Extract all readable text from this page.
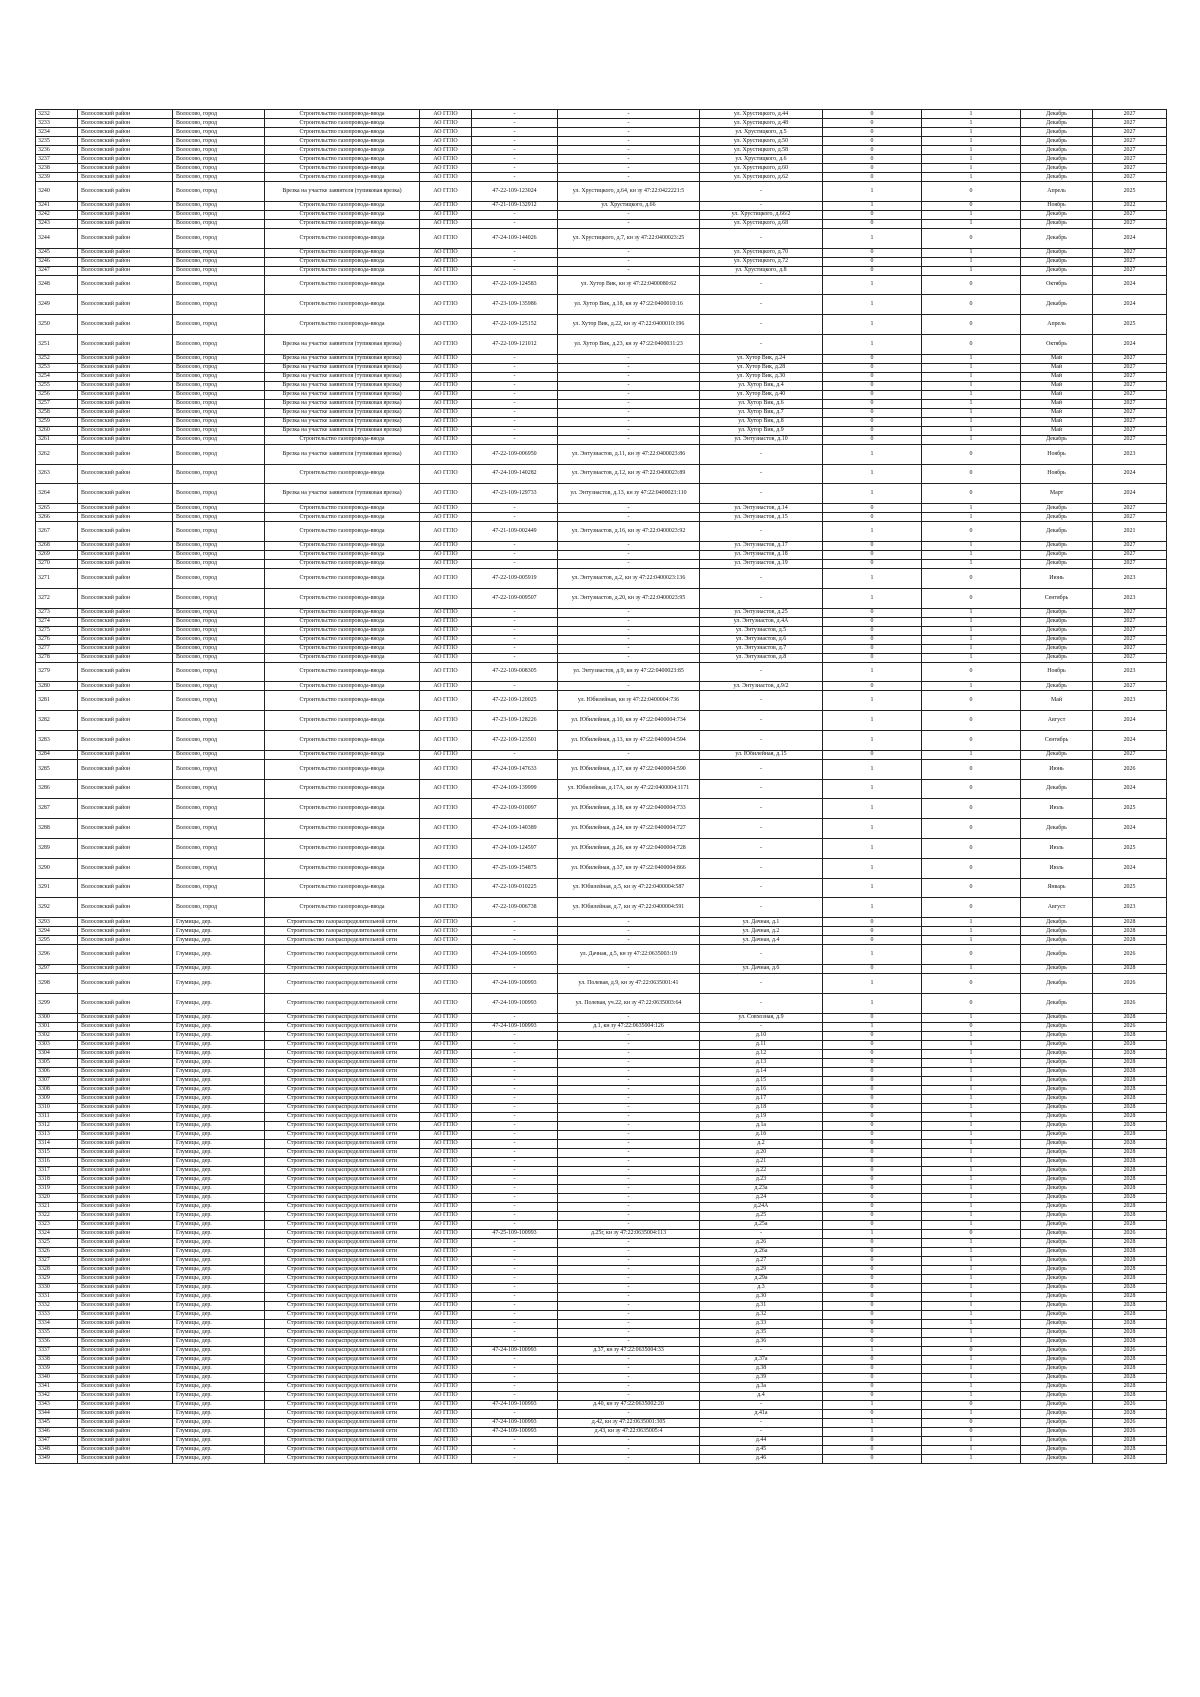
3232	Волосовский район	Волосово, город	Строительство газопровода-ввода	АО ГГЛО	-	-	ул. Хрустицкого, д.44	0	1	Декабрь	2027
3233	Волосовский район	Волосово, город	Строительство газопровода-ввода	АО ГГЛО	-	-	ул. Хрустицкого, д.48	0	1	Декабрь	2027
3234	Волосовский район	Волосово, город	Строительство газопровода-ввода	АО ГГЛО	-	-	ул. Хрустицкого, д.5	0	1	Декабрь	2027
3235	Волосовский район	Волосово, город	Строительство газопровода-ввода	АО ГГЛО	-	-	ул. Хрустицкого, д.50	0	1	Декабрь	2027
3236	Волосовский район	Волосово, город	Строительство газопровода-ввода	АО ГГЛО	-	-	ул. Хрустицкого, д.58	0	1	Декабрь	2027
3237	Волосовский район	Волосово, город	Строительство газопровода-ввода	АО ГГЛО	-	-	ул. Хрустицкого, д.6	0	1	Декабрь	2027
3238	Волосовский район	Волосово, город	Строительство газопровода-ввода	АО ГГЛО	-	-	ул. Хрустицкого, д.60	0	1	Декабрь	2027
3239	Волосовский район	Волосово, город	Строительство газопровода-ввода	АО ГГЛО	-	-	ул. Хрустицкого, д.62	0	1	Декабрь	2027
3240	Волосовский район	Волосово, город	Врезка на участке заявителя (тупиковая врезка)	АО ГГЛО	47-22-109-123024	ул. Хрустицкого, д.64, кн зу 47:22:0422221:5	-	1	0	Апрель	2025
3241	Волосовский район	Волосово, город	Строительство газопровода-ввода	АО ГГЛО	47-21-109-132912	ул. Хрустицкого, д.66	-	1	0	Ноябрь	2022
3242	Волосовский район	Волосово, город	Строительство газопровода-ввода	АО ГГЛО	-	-	ул. Хрустицкого, д.66/2	0	1	Декабрь	2027
3243	Волосовский район	Волосово, город	Строительство газопровода-ввода	АО ГГЛО	-	-	ул. Хрустицкого, д.68	0	1	Декабрь	2027
3244	Волосовский район	Волосово, город	Строительство газопровода-ввода	АО ГГЛО	47-24-109-144026	ул. Хрустицкого, д.7, кн зу 47:22:0400023:25	-	1	0	Декабрь	2024
3245	Волосовский район	Волосово, город	Строительство газопровода-ввода	АО ГГЛО	-	-	ул. Хрустицкого, д.70	0	1	Декабрь	2027
3246	Волосовский район	Волосово, город	Строительство газопровода-ввода	АО ГГЛО	-	-	ул. Хрустицкого, д.72	0	1	Декабрь	2027
3247	Волосовский район	Волосово, город	Строительство газопровода-ввода	АО ГГЛО	-	-	ул. Хрустицкого, д.8	0	1	Декабрь	2027
3248	Волосовский район	Волосово, город	Строительство газопровода-ввода	АО ГГЛО	47-22-109-124583	ул. Хутор Вик, кн зу 47:22:0400080:62	-	1	0	Октябрь	2024
3249	Волосовский район	Волосово, город	Строительство газопровода-ввода	АО ГГЛО	47-23-109-135986	ул. Хутор Вик, д.18, кн зу 47:22:0400010:16	-	1	0	Декабрь	2024
3250	Волосовский район	Волосово, город	Строительство газопровода-ввода	АО ГГЛО	47-22-109-125152	ул. Хутор Вик, д.22, кн зу 47:22:0400010:196	-	1	0	Апрель	2025
3251	Волосовский район	Волосово, город	Врезка на участке заявителя (тупиковая врезка)	АО ГГЛО	47-22-109-121012	ул. Хутор Вик, д.23, кн зу 47:22:0400031:23	-	1	0	Октябрь	2024
3252	Волосовский район	Волосово, город	Врезка на участке заявителя (тупиковая врезка)	АО ГГЛО	-	-	ул. Хутор Вик, д.24	0	1	Май	2027
3253	Волосовский район	Волосово, город	Врезка на участке заявителя (тупиковая врезка)	АО ГГЛО	-	-	ул. Хутор Вик, д.28	0	1	Май	2027
3254	Волосовский район	Волосово, город	Врезка на участке заявителя (тупиковая врезка)	АО ГГЛО	-	-	ул. Хутор Вик, д.30	0	1	Май	2027
3255	Волосовский район	Волосово, город	Врезка на участке заявителя (тупиковая врезка)	АО ГГЛО	-	-	ул. Хутор Вик, д.4	0	1	Май	2027
3256	Волосовский район	Волосово, город	Врезка на участке заявителя (тупиковая врезка)	АО ГГЛО	-	-	ул. Хутор Вик, д.40	0	1	Май	2027
3257	Волосовский район	Волосово, город	Врезка на участке заявителя (тупиковая врезка)	АО ГГЛО	-	-	ул. Хутор Вик, д.6	0	1	Май	2027
3258	Волосовский район	Волосово, город	Врезка на участке заявителя (тупиковая врезка)	АО ГГЛО	-	-	ул. Хутор Вик, д.7	0	1	Май	2027
3259	Волосовский район	Волосово, город	Врезка на участке заявителя (тупиковая врезка)	АО ГГЛО	-	-	ул. Хутор Вик, д.8	0	1	Май	2027
3260	Волосовский район	Волосово, город	Врезка на участке заявителя (тупиковая врезка)	АО ГГЛО	-	-	ул. Хутор Вик, д.9	0	1	Май	2027
3261	Волосовский район	Волосово, город	Строительство газопровода-ввода	АО ГГЛО	-	-	ул. Энтузиастов, д.10	0	1	Декабрь	2027
3262	Волосовский район	Волосово, город	Врезка на участке заявителя (тупиковая врезка)	АО ГГЛО	47-22-109-006950	ул. Энтузиастов, д.11, кн зу 47:22:0400023:86	-	1	0	Ноябрь	2023
3263	Волосовский район	Волосово, город	Строительство газопровода-ввода	АО ГГЛО	47-24-109-140282	ул. Энтузиастов, д.12, кн зу 47:22:0400023:89	-	1	0	Ноябрь	2024
3264	Волосовский район	Волосово, город	Врезка на участке заявителя (тупиковая врезка)	АО ГГЛО	47-23-109-129733	ул. Энтузиастов, д.13, кн зу 47:22:0400023:110	-	1	0	Март	2024
3265	Волосовский район	Волосово, город	Строительство газопровода-ввода	АО ГГЛО	-	-	ул. Энтузиастов, д.14	0	1	Декабрь	2027
3266	Волосовский район	Волосово, город	Строительство газопровода-ввода	АО ГГЛО	-	-	ул. Энтузиастов, д.15	0	1	Декабрь	2027
3267	Волосовский район	Волосово, город	Строительство газопровода-ввода	АО ГГЛО	47-21-109-002449	ул. Энтузиастов, д.16, кн зу 47:22:0400023:92	-	1	0	Декабрь	2021
3268	Волосовский район	Волосово, город	Строительство газопровода-ввода	АО ГГЛО	-	-	ул. Энтузиастов, д.17	0	1	Декабрь	2027
3269	Волосовский район	Волосово, город	Строительство газопровода-ввода	АО ГГЛО	-	-	ул. Энтузиастов, д.18	0	1	Декабрь	2027
3270	Волосовский район	Волосово, город	Строительство газопровода-ввода	АО ГГЛО	-	-	ул. Энтузиастов, д.19	0	1	Декабрь	2027
3271	Волосовский район	Волосово, город	Строительство газопровода-ввода	АО ГГЛО	47-22-109-005919	ул. Энтузиастов, д.2, кн зу 47:22:0400023:136	-	1	0	Июнь	2023
3272	Волосовский район	Волосово, город	Строительство газопровода-ввода	АО ГГЛО	47-22-109-009507	ул. Энтузиастов, д.20, кн зу 47:22:0400023:95	-	1	0	Сентябрь	2023
3273	Волосовский район	Волосово, город	Строительство газопровода-ввода	АО ГГЛО	-	-	ул. Энтузиастов, д.25	0	1	Декабрь	2027
3274	Волосовский район	Волосово, город	Строительство газопровода-ввода	АО ГГЛО	-	-	ул. Энтузиастов, д.4А	0	1	Декабрь	2027
3275	Волосовский район	Волосово, город	Строительство газопровода-ввода	АО ГГЛО	-	-	ул. Энтузиастов, д.5	0	1	Декабрь	2027
3276	Волосовский район	Волосово, город	Строительство газопровода-ввода	АО ГГЛО	-	-	ул. Энтузиастов, д.6	0	1	Декабрь	2027
3277	Волосовский район	Волосово, город	Строительство газопровода-ввода	АО ГГЛО	-	-	ул. Энтузиастов, д.7	0	1	Декабрь	2027
3278	Волосовский район	Волосово, город	Строительство газопровода-ввода	АО ГГЛО	-	-	ул. Энтузиастов, д.8	0	1	Декабрь	2027
3279	Волосовский район	Волосово, город	Строительство газопровода-ввода	АО ГГЛО	47-22-109-008305	ул. Энтузиастов, д.9, кн зу 47:22:0400023:85	-	1	0	Ноябрь	2023
3280	Волосовский район	Волосово, город	Строительство газопровода-ввода	АО ГГЛО	-	-	ул. Энтузиастов, д.9/2	0	1	Декабрь	2027
3281	Волосовский район	Волосово, город	Строительство газопровода-ввода	АО ГГЛО	47-22-109-120025	ул. Юбилейная, кн зу 47:22:0400004:736	-	1	0	Май	2023
3282	Волосовский район	Волосово, город	Строительство газопровода-ввода	АО ГГЛО	47-23-109-128226	ул. Юбилейная, д.10, кн зу 47:22:0400004:734	-	1	0	Август	2024
3283	Волосовский район	Волосово, город	Строительство газопровода-ввода	АО ГГЛО	47-22-109-123501	ул. Юбилейная, д.13, кн зу 47:22:0400004:594	-	1	0	Сентябрь	2024
3284	Волосовский район	Волосово, город	Строительство газопровода-ввода	АО ГГЛО	-	-	ул. Юбилейная, д.15	0	1	Декабрь	2027
3285	Волосовский район	Волосово, город	Строительство газопровода-ввода	АО ГГЛО	47-24-109-147633	ул. Юбилейная, д.17, кн зу 47:22:0400004:590	-	1	0	Июнь	2026
3286	Волосовский район	Волосово, город	Строительство газопровода-ввода	АО ГГЛО	47-24-109-139999	ул. Юбилейная, д.17А, кн зу 47:22:0400004:1171	-	1	0	Декабрь	2024
3287	Волосовский район	Волосово, город	Строительство газопровода-ввода	АО ГГЛО	47-22-109-010097	ул. Юбилейная, д.18, кн зу 47:22:0400004:733	-	1	0	Июль	2025
3288	Волосовский район	Волосово, город	Строительство газопровода-ввода	АО ГГЛО	47-24-109-140389	ул. Юбилейная, д.24, кн зу 47:22:0400004:727	-	1	0	Декабрь	2024
3289	Волосовский район	Волосово, город	Строительство газопровода-ввода	АО ГГЛО	47-24-109-124597	ул. Юбилейная, д.26, кн зу 47:22:0400004:728	-	1	0	Июль	2025
3290	Волосовский район	Волосово, город	Строительство газопровода-ввода	АО ГГЛО	47-25-109-154875	ул. Юбилейная, д.37, кн зу 47:22:0400004:866	-	1	0	Июль	2024
3291	Волосовский район	Волосово, город	Строительство газопровода-ввода	АО ГГЛО	47-22-109-010225	ул. Юбилейная, д.5, кн зу 47:22:0400004:587	-	1	0	Январь	2025
3292	Волосовский район	Волосово, город	Строительство газопровода-ввода	АО ГГЛО	47-22-109-006738	ул. Юбилейная, д.7, кн зу 47:22:0400004:591	-	1	0	Август	2023
3293	Волосовский район	Глумицы, дер.	Строительство газораспределительной сети	АО ГГЛО	-	-	ул. Дачная, д.1	0	1	Декабрь	2028
3294	Волосовский район	Глумицы, дер.	Строительство газораспределительной сети	АО ГГЛО	-	-	ул. Дачная, д.2	0	1	Декабрь	2028
3295	Волосовский район	Глумицы, дер.	Строительство газораспределительной сети	АО ГГЛО	-	-	ул. Дачная, д.4	0	1	Декабрь	2028
3296	Волосовский район	Глумицы, дер.	Строительство газораспределительной сети	АО ГГЛО	47-24-109-100993	ул. Дачная, д.5, кн зу 47:22:0635003:19	-	1	0	Декабрь	2026
3297	Волосовский район	Глумицы, дер.	Строительство газораспределительной сети	АО ГГЛО	-	-	ул. Дачная, д.6	0	1	Декабрь	2028
3298	Волосовский район	Глумицы, дер.	Строительство газораспределительной сети	АО ГГЛО	47-24-109-100993	ул. Полевая, д.9, кн зу 47:22:0635001:41	-	1	0	Декабрь	2026
3299	Волосовский район	Глумицы, дер.	Строительство газораспределительной сети	АО ГГЛО	47-24-109-100993	ул. Полевая, уч.22, кн зу 47:22:0635003:64	-	1	0	Декабрь	2026
3300	Волосовский район	Глумицы, дер.	Строительство газораспределительной сети	АО ГГЛО	-	-	ул. Совхозная, д.9	0	1	Декабрь	2028
3301	Волосовский район	Глумицы, дер.	Строительство газораспределительной сети	АО ГГЛО	47-24-109-100993	д.1, кн зу 47:22:0635004:126	-	1	0	Декабрь	2026
3302	Волосовский район	Глумицы, дер.	Строительство газораспределительной сети	АО ГГЛО	-	-	д.10	0	1	Декабрь	2028
3303	Волосовский район	Глумицы, дер.	Строительство газораспределительной сети	АО ГГЛО	-	-	д.11	0	1	Декабрь	2028
3304	Волосовский район	Глумицы, дер.	Строительство газораспределительной сети	АО ГГЛО	-	-	д.12	0	1	Декабрь	2028
3305	Волосовский район	Глумицы, дер.	Строительство газораспределительной сети	АО ГГЛО	-	-	д.13	0	1	Декабрь	2028
3306	Волосовский район	Глумицы, дер.	Строительство газораспределительной сети	АО ГГЛО	-	-	д.14	0	1	Декабрь	2028
3307	Волосовский район	Глумицы, дер.	Строительство газораспределительной сети	АО ГГЛО	-	-	д.15	0	1	Декабрь	2028
3308	Волосовский район	Глумицы, дер.	Строительство газораспределительной сети	АО ГГЛО	-	-	д.16	0	1	Декабрь	2028
3309	Волосовский район	Глумицы, дер.	Строительство газораспределительной сети	АО ГГЛО	-	-	д.17	0	1	Декабрь	2028
3310	Волосовский район	Глумицы, дер.	Строительство газораспределительной сети	АО ГГЛО	-	-	д.18	0	1	Декабрь	2028
3311	Волосовский район	Глумицы, дер.	Строительство газораспределительной сети	АО ГГЛО	-	-	д.19	0	1	Декабрь	2028
3312	Волосовский район	Глумицы, дер.	Строительство газораспределительной сети	АО ГГЛО	-	-	д.1а	0	1	Декабрь	2028
3313	Волосовский район	Глумицы, дер.	Строительство газораспределительной сети	АО ГГЛО	-	-	д.1б	0	1	Декабрь	2028
3314	Волосовский район	Глумицы, дер.	Строительство газораспределительной сети	АО ГГЛО	-	-	д.2	0	1	Декабрь	2028
3315	Волосовский район	Глумицы, дер.	Строительство газораспределительной сети	АО ГГЛО	-	-	д.20	0	1	Декабрь	2028
3316	Волосовский район	Глумицы, дер.	Строительство газораспределительной сети	АО ГГЛО	-	-	д.21	0	1	Декабрь	2028
3317	Волосовский район	Глумицы, дер.	Строительство газораспределительной сети	АО ГГЛО	-	-	д.22	0	1	Декабрь	2028
3318	Волосовский район	Глумицы, дер.	Строительство газораспределительной сети	АО ГГЛО	-	-	д.23	0	1	Декабрь	2028
3319	Волосовский район	Глумицы, дер.	Строительство газораспределительной сети	АО ГГЛО	-	-	д.23а	0	1	Декабрь	2028
3320	Волосовский район	Глумицы, дер.	Строительство газораспределительной сети	АО ГГЛО	-	-	д.24	0	1	Декабрь	2028
3321	Волосовский район	Глумицы, дер.	Строительство газораспределительной сети	АО ГГЛО	-	-	д.24А	0	1	Декабрь	2028
3322	Волосовский район	Глумицы, дер.	Строительство газораспределительной сети	АО ГГЛО	-	-	д.25	0	1	Декабрь	2028
3323	Волосовский район	Глумицы, дер.	Строительство газораспределительной сети	АО ГГЛО	-	-	д.25а	0	1	Декабрь	2028
3324	Волосовский район	Глумицы, дер.	Строительство газораспределительной сети	АО ГГЛО	47-25-109-100993	д.25г, кн зу 47:22:0635004:113	-	1	0	Декабрь	2026
3325	Волосовский район	Глумицы, дер.	Строительство газораспределительной сети	АО ГГЛО	-	-	д.26	0	1	Декабрь	2028
3326	Волосовский район	Глумицы, дер.	Строительство газораспределительной сети	АО ГГЛО	-	-	д.26а	0	1	Декабрь	2028
3327	Волосовский район	Глумицы, дер.	Строительство газораспределительной сети	АО ГГЛО	-	-	д.27	0	1	Декабрь	2028
3328	Волосовский район	Глумицы, дер.	Строительство газораспределительной сети	АО ГГЛО	-	-	д.29	0	1	Декабрь	2028
3329	Волосовский район	Глумицы, дер.	Строительство газораспределительной сети	АО ГГЛО	-	-	д.29а	0	1	Декабрь	2028
3330	Волосовский район	Глумицы, дер.	Строительство газораспределительной сети	АО ГГЛО	-	-	д.3	0	1	Декабрь	2028
3331	Волосовский район	Глумицы, дер.	Строительство газораспределительной сети	АО ГГЛО	-	-	д.30	0	1	Декабрь	2028
3332	Волосовский район	Глумицы, дер.	Строительство газораспределительной сети	АО ГГЛО	-	-	д.31	0	1	Декабрь	2028
3333	Волосовский район	Глумицы, дер.	Строительство газораспределительной сети	АО ГГЛО	-	-	д.32	0	1	Декабрь	2028
3334	Волосовский район	Глумицы, дер.	Строительство газораспределительной сети	АО ГГЛО	-	-	д.33	0	1	Декабрь	2028
3335	Волосовский район	Глумицы, дер.	Строительство газораспределительной сети	АО ГГЛО	-	-	д.35	0	1	Декабрь	2028
3336	Волосовский район	Глумицы, дер.	Строительство газораспределительной сети	АО ГГЛО	-	-	д.36	0	1	Декабрь	2028
3337	Волосовский район	Глумицы, дер.	Строительство газораспределительной сети	АО ГГЛО	47-24-109-100993	д.37, кн зу 47:22:0635004:33	-	1	0	Декабрь	2026
3338	Волосовский район	Глумицы, дер.	Строительство газораспределительной сети	АО ГГЛО	-	-	д.37а	0	1	Декабрь	2028
3339	Волосовский район	Глумицы, дер.	Строительство газораспределительной сети	АО ГГЛО	-	-	д.38	0	1	Декабрь	2028
3340	Волосовский район	Глумицы, дер.	Строительство газораспределительной сети	АО ГГЛО	-	-	д.39	0	1	Декабрь	2028
3341	Волосовский район	Глумицы, дер.	Строительство газораспределительной сети	АО ГГЛО	-	-	д.3а	0	1	Декабрь	2028
3342	Волосовский район	Глумицы, дер.	Строительство газораспределительной сети	АО ГГЛО	-	-	д.4	0	1	Декабрь	2028
3343	Волосовский район	Глумицы, дер.	Строительство газораспределительной сети	АО ГГЛО	47-24-109-100993	д.40, кн зу 47:22:0635002:20	-	1	0	Декабрь	2026
3344	Волосовский район	Глумицы, дер.	Строительство газораспределительной сети	АО ГГЛО	-	-	д.41а	0	1	Декабрь	2028
3345	Волосовский район	Глумицы, дер.	Строительство газораспределительной сети	АО ГГЛО	47-24-109-100993	д.42, кн зу 47:22:0635001:305	-	1	0	Декабрь	2026
3346	Волосовский район	Глумицы, дер.	Строительство газораспределительной сети	АО ГГЛО	47-24-109-100993	д.43, кн зу 47:22:0635005:4	-	1	0	Декабрь	2026
3347	Волосовский район	Глумицы, дер.	Строительство газораспределительной сети	АО ГГЛО	-	-	д.44	0	1	Декабрь	2028
3348	Волосовский район	Глумицы, дер.	Строительство газораспределительной сети	АО ГГЛО	-	-	д.45	0	1	Декабрь	2028
3349	Волосовский район	Глумицы, дер.	Строительство газораспределительной сети	АО ГГЛО	-	-	д.46	0	1	Декабрь	2028
